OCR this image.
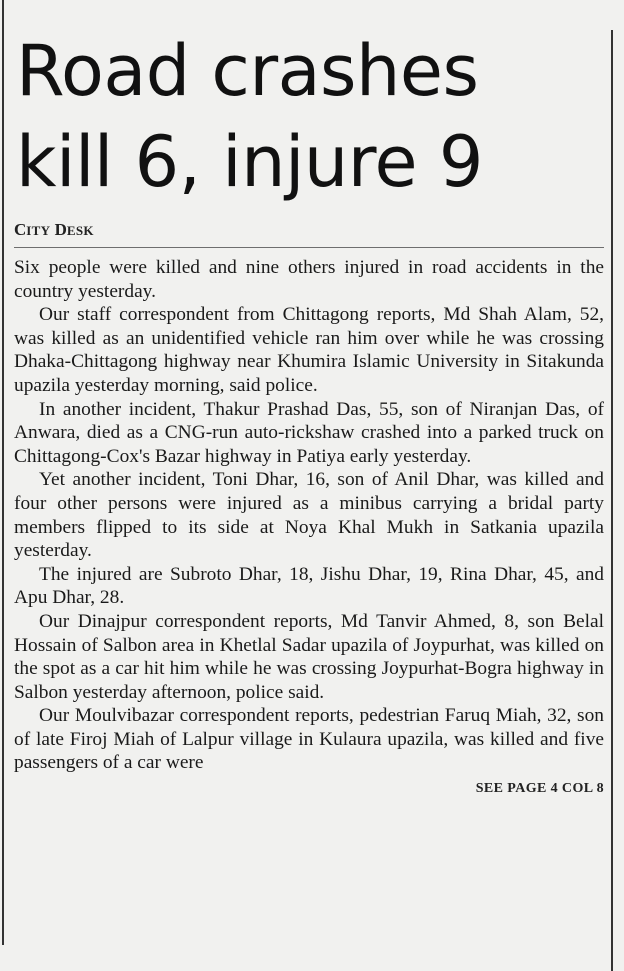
Road crashes
kill 6, injure 9
CITY DESK

Six people were killed and nine others injured in road accidents in the country yesterday.

Our staff correspondent from Chittagong reports, Md Shah Alam, 52, was killed as an unidentified vehicle ran him over while he was crossing Dhaka-Chittagong highway near Khumira Islamic University in Sitakunda upazila yesterday morning, said police.

In another incident, Thakur Prashad Das, 55, son of Niranjan Das, of Anwara, died as a CNG-run auto-rickshaw crashed into a parked truck on Chittagong-Cox's Bazar highway in Patiya early yesterday.

Yet another incident, Toni Dhar, 16, son of Anil Dhar, was killed and four other persons were injured as a minibus carrying a bridal party members flipped to its side at Noya Khal Mukh in Satkania upazila yesterday.

The injured are Subroto Dhar, 18, Jishu Dhar, 19, Rina Dhar, 45, and Apu Dhar, 28.

Our Dinajpur correspondent reports, Md Tanvir Ahmed, 8, son Belal Hossain of Salbon area in Khetlal Sadar upazila of Joypurhat, was killed on the spot as a car hit him while he was crossing Joypurhat-Bogra highway in Salbon yesterday afternoon, police said.

Our Moulvibazar correspondent reports, pedestrian Faruq Miah, 32, son of late Firoj Miah of Lalpur village in Kulaura upazila, was killed and five passengers of a car were

SEE PAGE 4 COL 8
